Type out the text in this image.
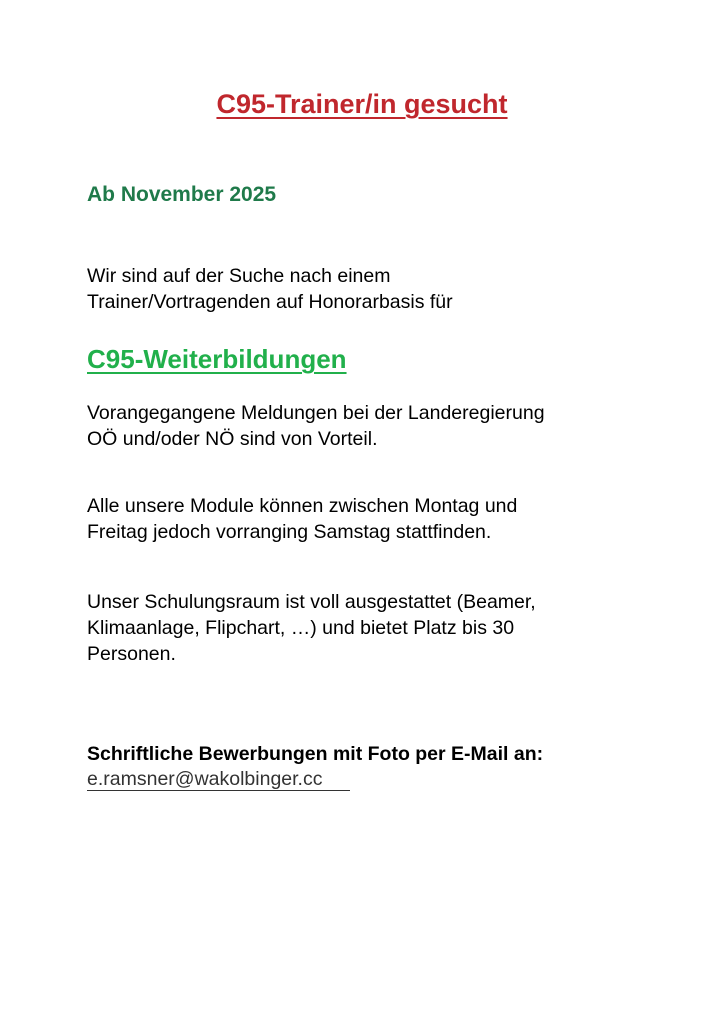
C95-Trainer/in gesucht
Ab November 2025
Wir sind auf der Suche nach einem
Trainer/Vortragenden auf Honorarbasis für
C95-Weiterbildungen
Vorangegangene Meldungen bei der Landeregierung
OÖ und/oder NÖ sind von Vorteil.
Alle unsere Module können zwischen Montag und
Freitag jedoch vorranging Samstag stattfinden.
Unser Schulungsraum ist voll ausgestattet (Beamer,
Klimaanlage, Flipchart, …) und bietet Platz bis 30
Personen.
Schriftliche Bewerbungen mit Foto per E-Mail an:
e.ramsner@wakolbinger.cc
